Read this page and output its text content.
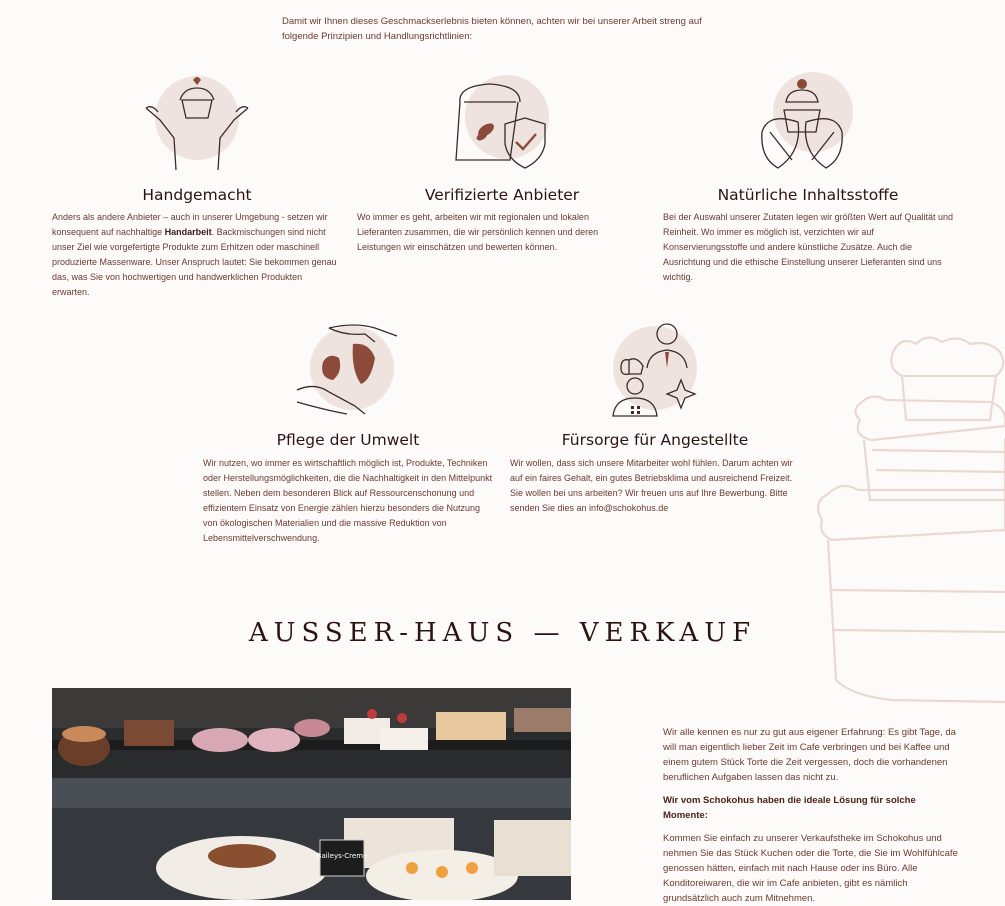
Damit wir Ihnen dieses Geschmackserlebnis bieten können, achten wir bei unserer Arbeit streng auf
folgende Prinzipien und Handlungsrichtlinien:
Handgemacht

Anders als andere Anbieter – auch in unserer Umgebung - setzen wir konsequent auf nachhaltige Handarbeit. Backmischungen sind nicht unser Ziel wie vorgefertigte Produkte zum Erhitzen oder maschinell produzierte Massenware. Unser Anspruch lautet: Sie bekommen genau das, was Sie von hochwertigen und handwerklichen Produkten erwarten.

Verifizierte Anbieter

Wo immer es geht, arbeiten wir mit regionalen und lokalen Lieferanten zusammen, die wir persönlich kennen und deren Leistungen wir einschätzen und bewerten können.

Natürliche Inhaltsstoffe

Bei der Auswahl unserer Zutaten legen wir größten Wert auf Qualität und Reinheit. Wo immer es möglich ist, verzichten wir auf Konservierungsstoffe und andere künstliche Zusätze. Auch die Ausrichtung und die ethische Einstellung unserer Lieferanten sind uns wichtig.

Pflege der Umwelt

Wir nutzen, wo immer es wirtschaftlich möglich ist, Produkte, Techniken oder Herstellungsmöglichkeiten, die die Nachhaltigkeit in den Mittelpunkt stellen. Neben dem besonderen Blick auf Ressourcenschonung und effizientem Einsatz von Energie zählen hierzu besonders die Nutzung von ökologischen Materialien und die massive Reduktion von Lebensmittelverschwendung.

Fürsorge für Angestellte

Wir wollen, dass sich unsere Mitarbeiter wohl fühlen. Darum achten wir auf ein faires Gehalt, ein gutes Betriebsklima und ausreichend Freizeit. Sie wollen bei uns arbeiten? Wir freuen uns auf Ihre Bewerbung. Bitte senden Sie dies an info@schokohus.de

AUSSER-HAUS — VERKAUF
Baileys-Creme
Wir alle kennen es nur zu gut aus eigener Erfahrung: Es gibt Tage, da will man eigentlich lieber Zeit im Cafe verbringen und bei Kaffee und einem gutem Stück Torte die Zeit vergessen, doch die vorhandenen beruflichen Aufgaben lassen das nicht zu.
Wir vom Schokohus haben die ideale Lösung für solche Momente:
Kommen Sie einfach zu unserer Verkaufstheke im Schokohus und nehmen Sie das Stück Kuchen oder die Torte, die Sie im Wohlfühlcafe genossen hätten, einfach mit nach Hause oder ins Büro. Alle Konditoreiwaren, die wir im Cafe anbieten, gibt es nämlich grundsätzlich auch zum Mitnehmen.
